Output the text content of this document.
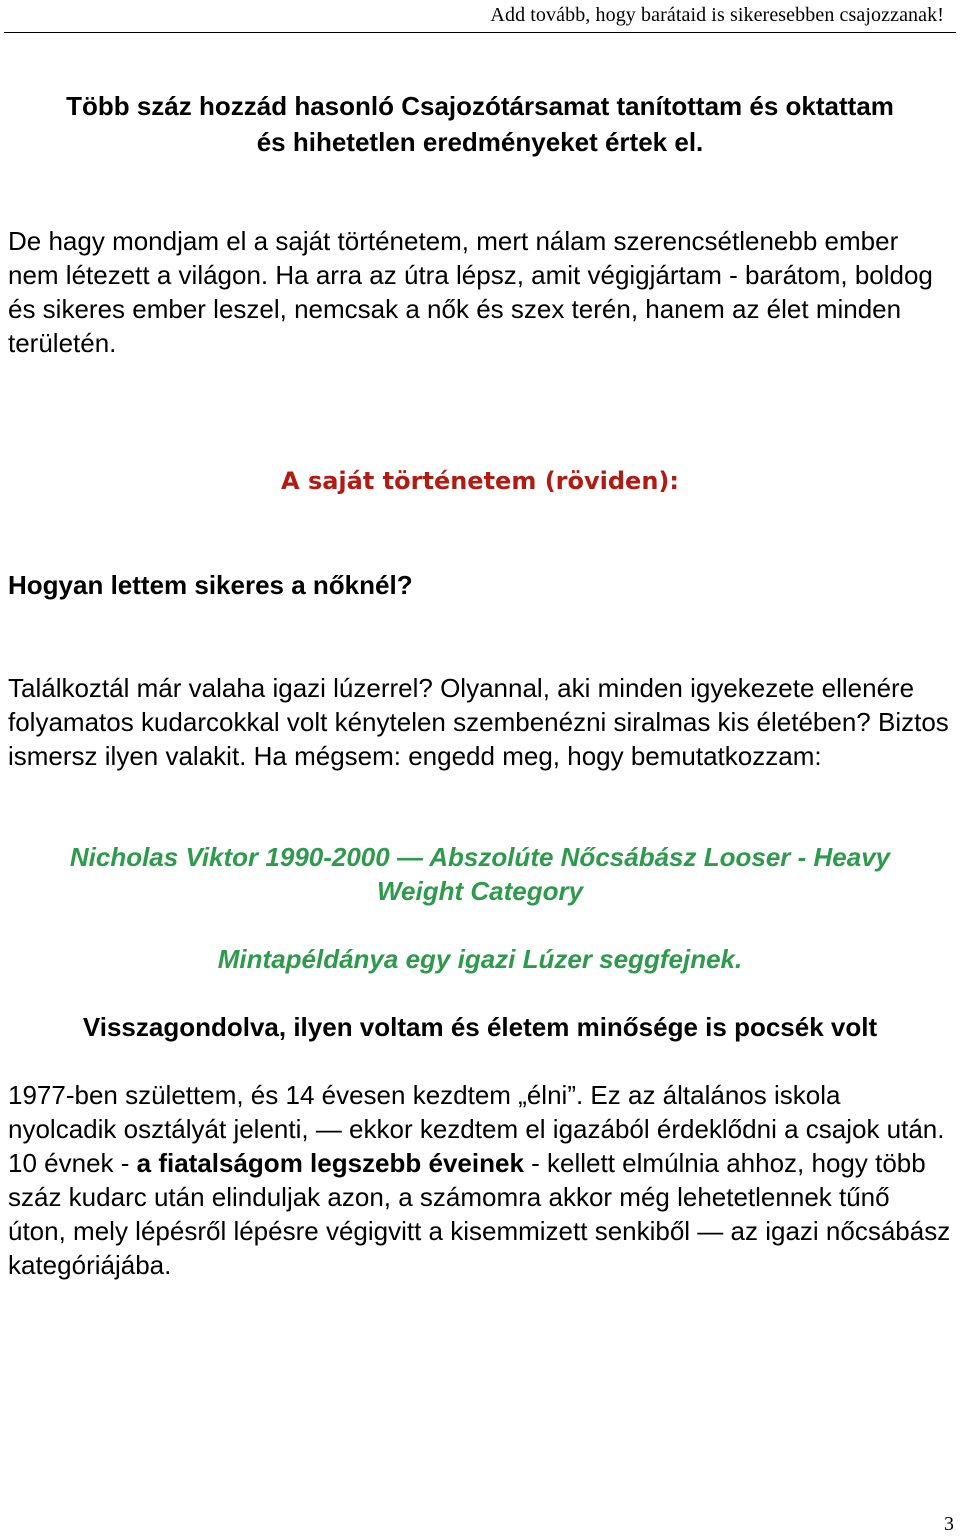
Add tovább, hogy barátaid is sikeresebben csajozzanak!
Több száz hozzád hasonló Csajozótársamat tanítottam és oktattam
és hihetetlen eredményeket értek el.

De hagy mondjam el a saját történetem, mert nálam szerencsétlenebb ember nem létezett a világon. Ha arra az útra lépsz, amit végigjártam - barátom, boldog és sikeres ember leszel, nemcsak a nők és szex terén, hanem az élet minden területén.

A saját történetem (röviden):
Hogyan lettem sikeres a nőknél?

Találkoztál már valaha igazi lúzerrel? Olyannal, aki minden igyekezete ellenére folyamatos kudarcokkal volt kénytelen szembenézni siralmas kis életében? Biztos ismersz ilyen valakit. Ha mégsem: engedd meg, hogy bemutatkozzam:

Nicholas Viktor 1990-2000 — Abszolúte Nőcsábász Looser - Heavy
Weight Category
Mintapéldánya egy igazi Lúzer seggfejnek.
Visszagondolva, ilyen voltam és életem minősége is pocsék volt

1977-ben születtem, és 14 évesen kezdtem „élni”. Ez az általános iskola nyolcadik osztályát jelenti, — ekkor kezdtem el igazából érdeklődni a csajok után. 10 évnek - a fiatalságom legszebb éveinek - kellett elmúlnia ahhoz, hogy több száz kudarc után elinduljak azon, a számomra akkor még lehetetlennek tűnő úton, mely lépésről lépésre végigvitt a kisemmizett senkiből — az igazi nőcsábász kategóriájába.

3
